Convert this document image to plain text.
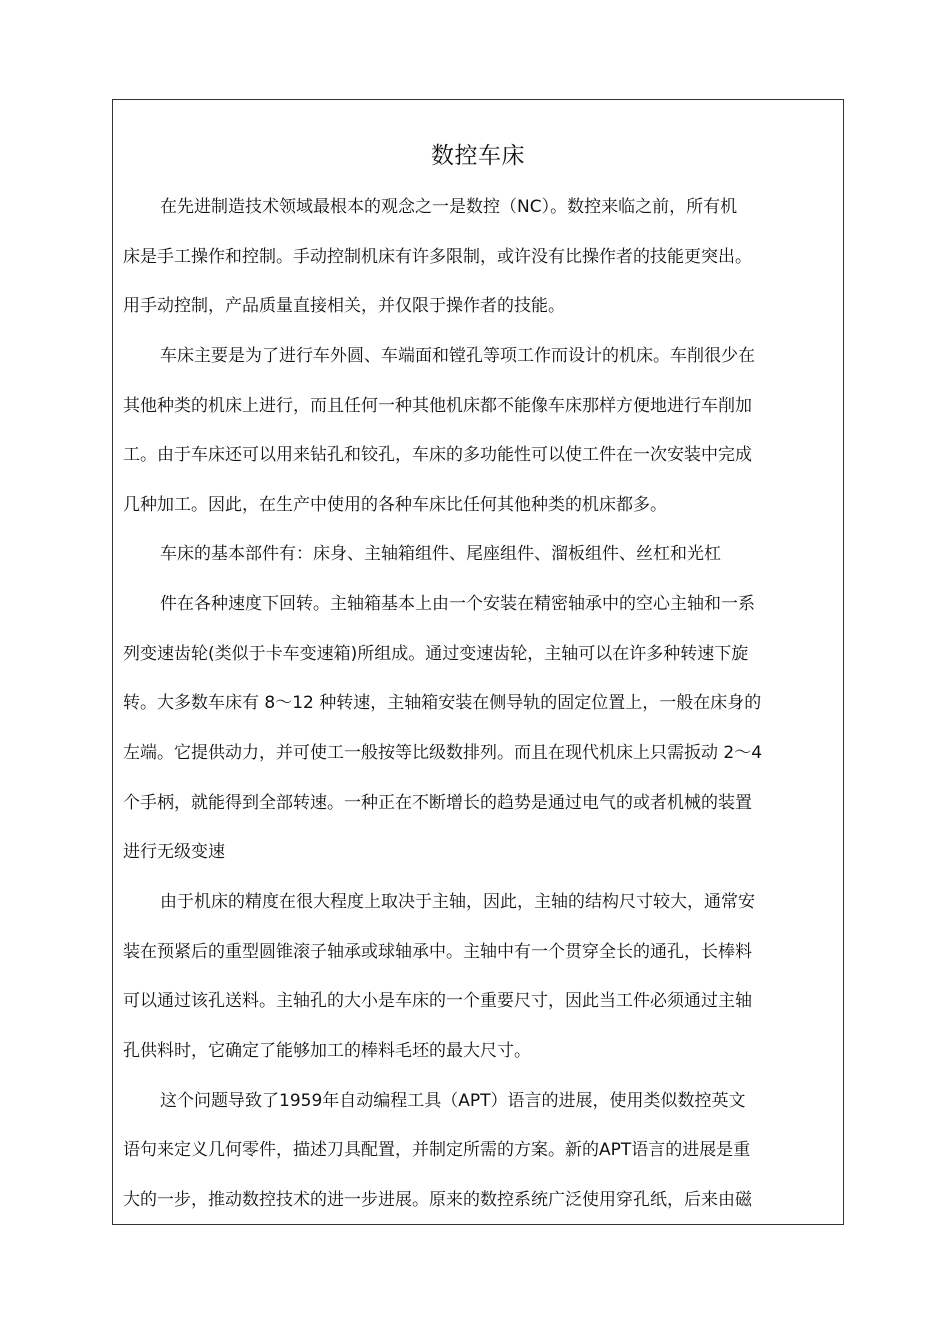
数控车床
在先进制造技术领域最根本的观念之一是数控（NC）。数控来临之前，所有机
床是手工操作和控制。手动控制机床有许多限制，或许没有比操作者的技能更突出。
用手动控制，产品质量直接相关，并仅限于操作者的技能。
车床主要是为了进行车外圆、车端面和镗孔等项工作而设计的机床。车削很少在
其他种类的机床上进行，而且任何一种其他机床都不能像车床那样方便地进行车削加
工。由于车床还可以用来钻孔和铰孔，车床的多功能性可以使工件在一次安装中完成
几种加工。因此，在生产中使用的各种车床比任何其他种类的机床都多。
车床的基本部件有：床身、主轴箱组件、尾座组件、溜板组件、丝杠和光杠
件在各种速度下回转。主轴箱基本上由一个安装在精密轴承中的空心主轴和一系
列变速齿轮(类似于卡车变速箱)所组成。通过变速齿轮，主轴可以在许多种转速下旋
转。大多数车床有 8～12 种转速，主轴箱安装在侧导轨的固定位置上，一般在床身的
左端。它提供动力，并可使工一般按等比级数排列。而且在现代机床上只需扳动 2～4
个手柄，就能得到全部转速。一种正在不断增长的趋势是通过电气的或者机械的装置
进行无级变速
由于机床的精度在很大程度上取决于主轴，因此，主轴的结构尺寸较大，通常安
装在预紧后的重型圆锥滚子轴承或球轴承中。主轴中有一个贯穿全长的通孔，长棒料
可以通过该孔送料。主轴孔的大小是车床的一个重要尺寸，因此当工件必须通过主轴
孔供料时，它确定了能够加工的棒料毛坯的最大尺寸。
这个问题导致了1959年自动编程工具（APT）语言的进展，使用类似数控英文
语句来定义几何零件，描述刀具配置，并制定所需的方案。新的APT语言的进展是重
大的一步，推动数控技术的进一步进展。原来的数控系统广泛使用穿孔纸，后来由磁
